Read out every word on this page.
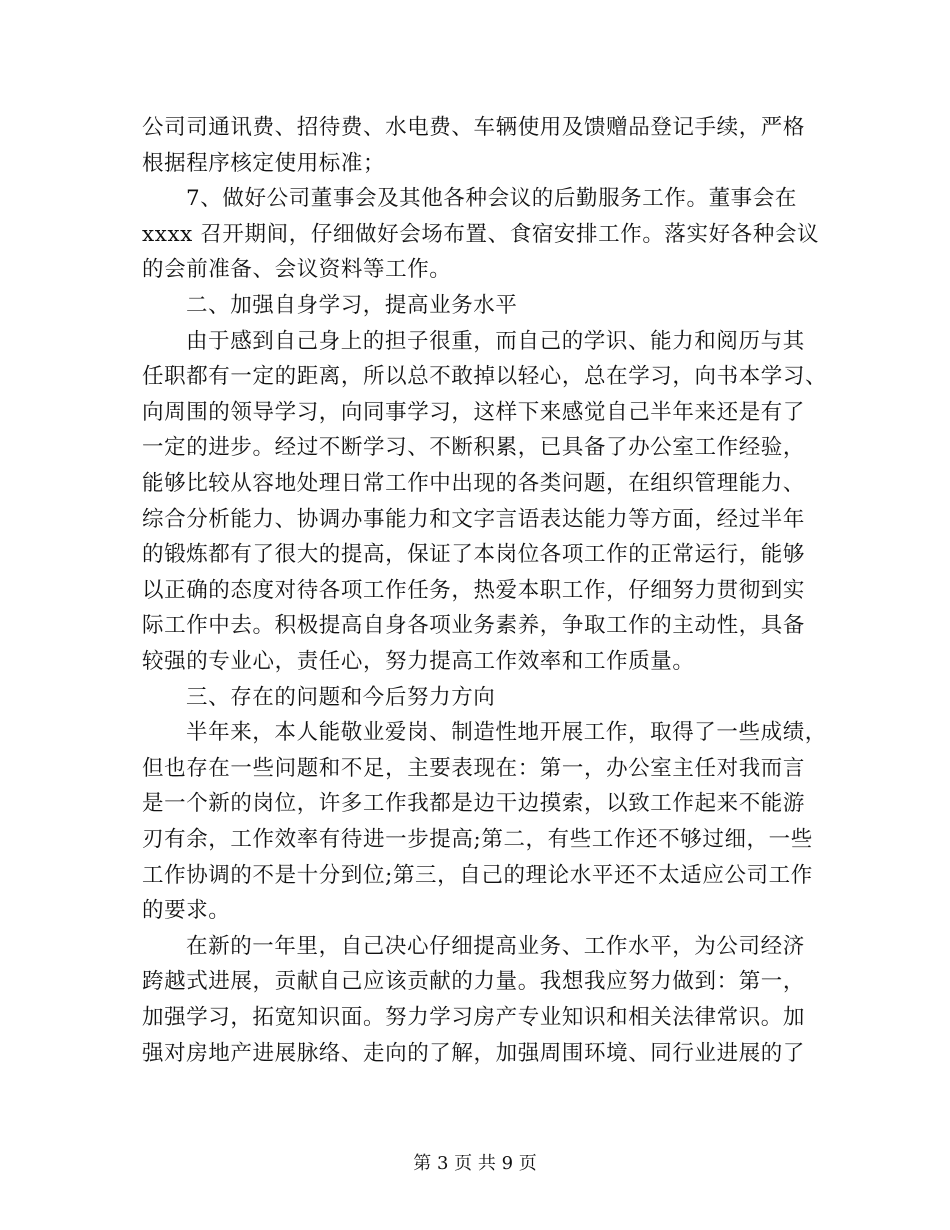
公司司通讯费、招待费、水电费、车辆使用及馈赠品登记手续，严格
根据程序核定使用标准；
7、做好公司董事会及其他各种会议的后勤服务工作。董事会在
xxxx 召开期间，仔细做好会场布置、食宿安排工作。落实好各种会议
的会前准备、会议资料等工作。
二、加强自身学习，提高业务水平
由于感到自己身上的担子很重，而自己的学识、能力和阅历与其
任职都有一定的距离，所以总不敢掉以轻心，总在学习，向书本学习、
向周围的领导学习，向同事学习，这样下来感觉自己半年来还是有了
一定的进步。经过不断学习、不断积累，已具备了办公室工作经验，
能够比较从容地处理日常工作中出现的各类问题，在组织管理能力、
综合分析能力、协调办事能力和文字言语表达能力等方面，经过半年
的锻炼都有了很大的提高，保证了本岗位各项工作的正常运行，能够
以正确的态度对待各项工作任务，热爱本职工作，仔细努力贯彻到实
际工作中去。积极提高自身各项业务素养，争取工作的主动性，具备
较强的专业心，责任心，努力提高工作效率和工作质量。
三、存在的问题和今后努力方向
半年来，本人能敬业爱岗、制造性地开展工作，取得了一些成绩，
但也存在一些问题和不足，主要表现在：第一，办公室主任对我而言
是一个新的岗位，许多工作我都是边干边摸索，以致工作起来不能游
刃有余，工作效率有待进一步提高;第二，有些工作还不够过细，一些
工作协调的不是十分到位;第三，自己的理论水平还不太适应公司工作
的要求。
在新的一年里，自己决心仔细提高业务、工作水平，为公司经济
跨越式进展，贡献自己应该贡献的力量。我想我应努力做到：第一，
加强学习，拓宽知识面。努力学习房产专业知识和相关法律常识。加
强对房地产进展脉络、走向的了解，加强周围环境、同行业进展的了
第 3 页 共 9 页
